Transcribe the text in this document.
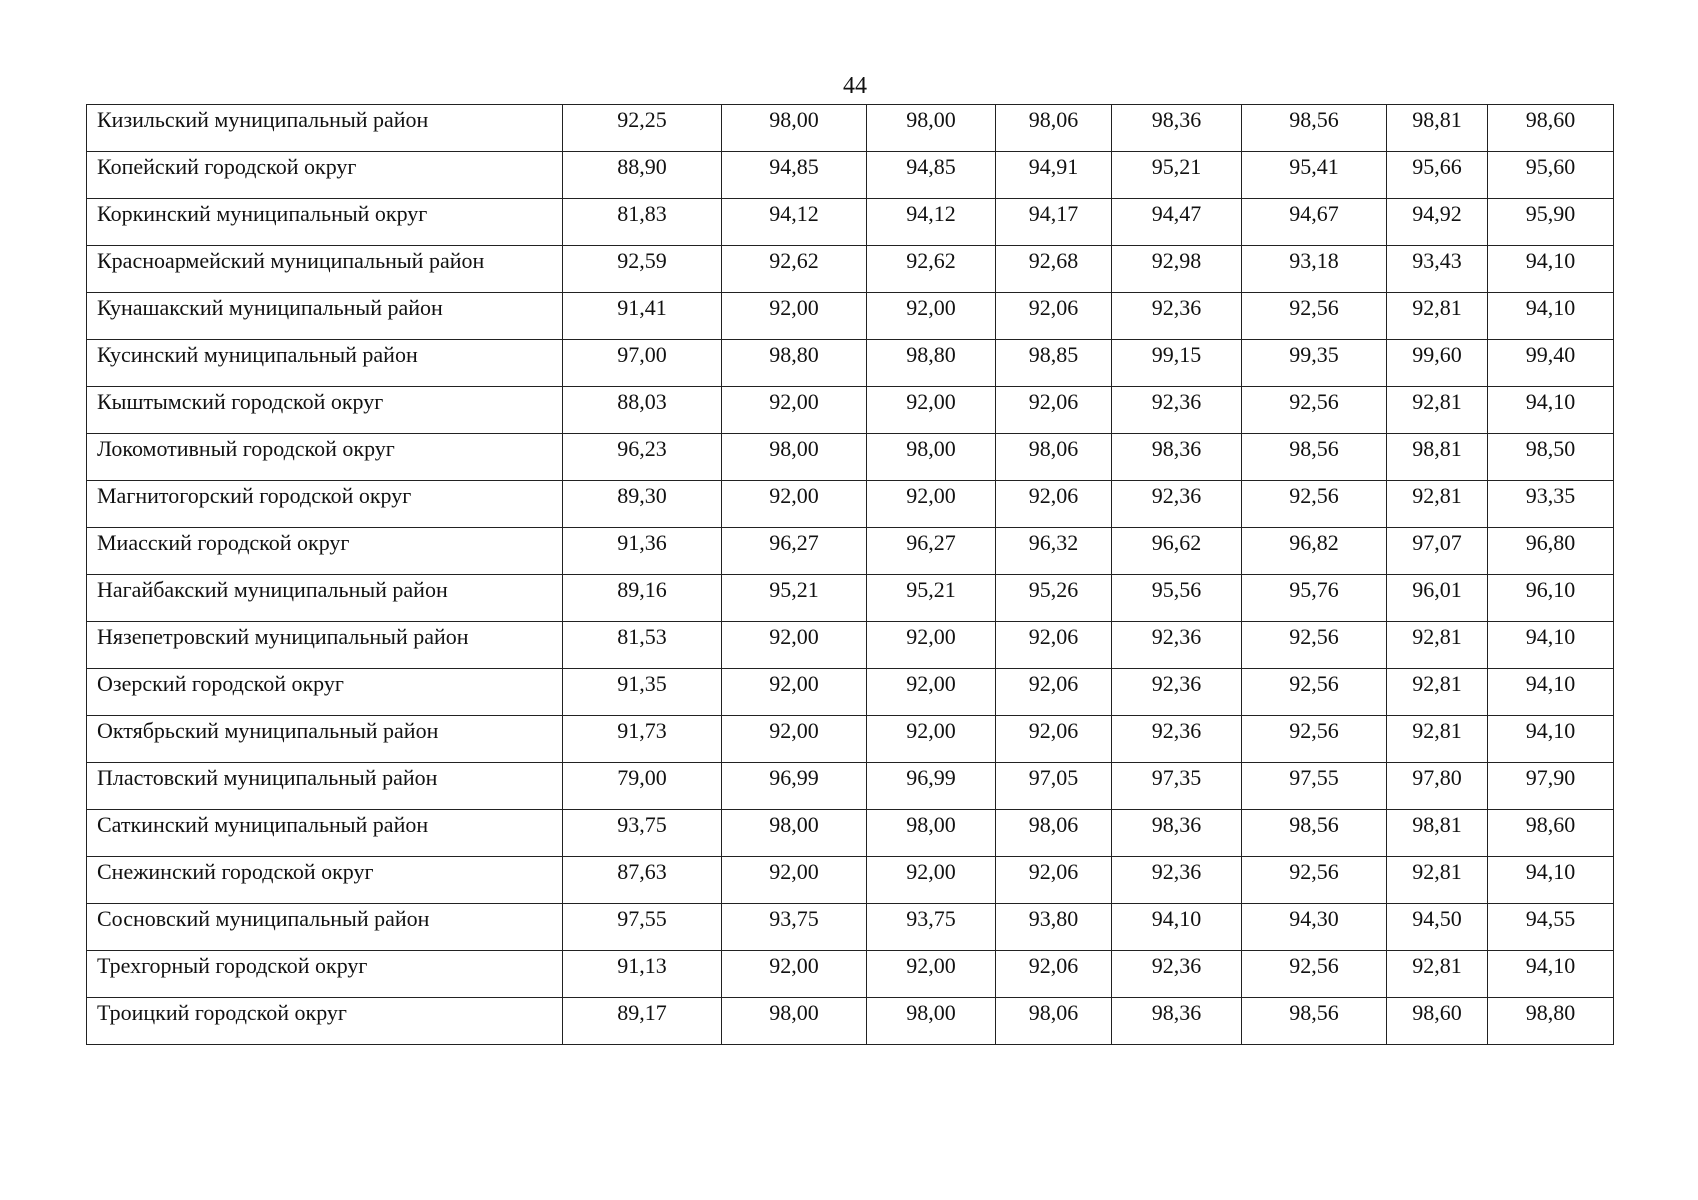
44
Кизильский муниципальный район	92,25	98,00	98,00	98,06	98,36	98,56	98,81	98,60
Копейский городской округ	88,90	94,85	94,85	94,91	95,21	95,41	95,66	95,60
Коркинский муниципальный округ	81,83	94,12	94,12	94,17	94,47	94,67	94,92	95,90
Красноармейский муниципальный район	92,59	92,62	92,62	92,68	92,98	93,18	93,43	94,10
Кунашакский муниципальный район	91,41	92,00	92,00	92,06	92,36	92,56	92,81	94,10
Кусинский муниципальный район	97,00	98,80	98,80	98,85	99,15	99,35	99,60	99,40
Кыштымский городской округ	88,03	92,00	92,00	92,06	92,36	92,56	92,81	94,10
Локомотивный городской округ	96,23	98,00	98,00	98,06	98,36	98,56	98,81	98,50
Магнитогорский городской округ	89,30	92,00	92,00	92,06	92,36	92,56	92,81	93,35
Миасский городской округ	91,36	96,27	96,27	96,32	96,62	96,82	97,07	96,80
Нагайбакский муниципальный район	89,16	95,21	95,21	95,26	95,56	95,76	96,01	96,10
Нязепетровский муниципальный район	81,53	92,00	92,00	92,06	92,36	92,56	92,81	94,10
Озерский городской округ	91,35	92,00	92,00	92,06	92,36	92,56	92,81	94,10
Октябрьский муниципальный район	91,73	92,00	92,00	92,06	92,36	92,56	92,81	94,10
Пластовский муниципальный район	79,00	96,99	96,99	97,05	97,35	97,55	97,80	97,90
Саткинский муниципальный район	93,75	98,00	98,00	98,06	98,36	98,56	98,81	98,60
Снежинский городской округ	87,63	92,00	92,00	92,06	92,36	92,56	92,81	94,10
Сосновский муниципальный район	97,55	93,75	93,75	93,80	94,10	94,30	94,50	94,55
Трехгорный городской округ	91,13	92,00	92,00	92,06	92,36	92,56	92,81	94,10
Троицкий городской округ	89,17	98,00	98,00	98,06	98,36	98,56	98,60	98,80
